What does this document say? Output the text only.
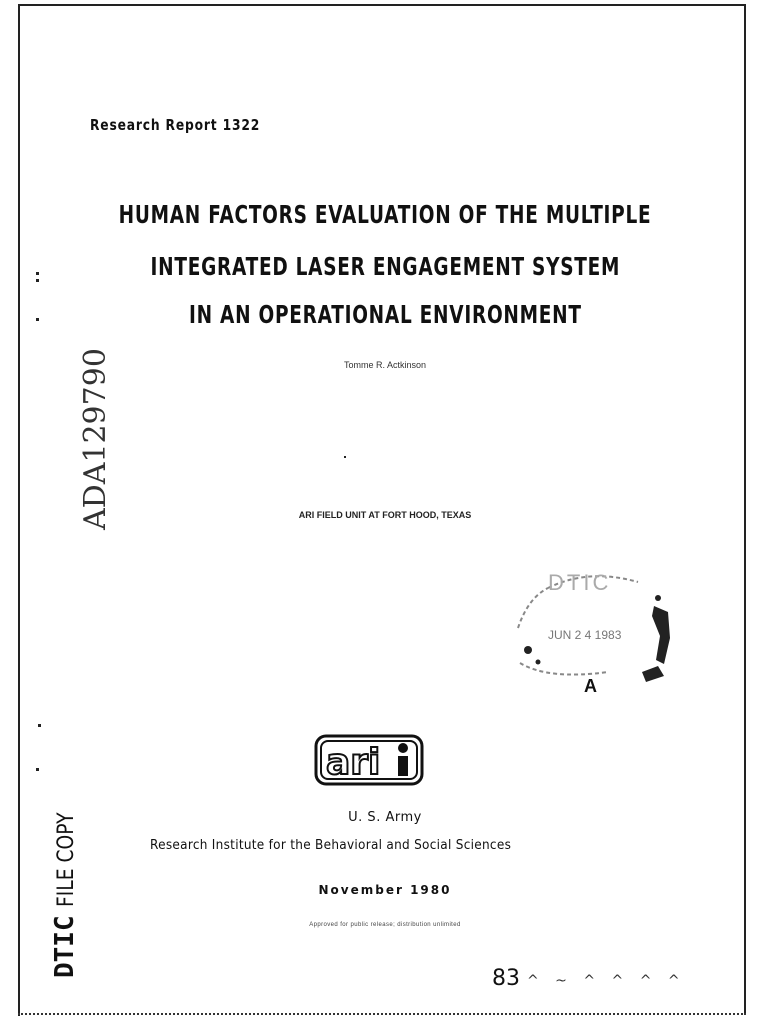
Research Report 1322
HUMAN FACTORS EVALUATION OF THE MULTIPLE
INTEGRATED LASER ENGAGEMENT SYSTEM
IN AN OPERATIONAL ENVIRONMENT
Tomme R. Actkinson
ADA129790	ARI FIELD UNIT AT FORT HOOD, TEXAS
DTIC
JUN 2 4 1983
A
ari
U. S. Army
Research Institute for the Behavioral and Social Sciences
November 1980
Approved for public release; distribution unlimited
DTICFILE COPY
83 ^ ~ ^ ^ ^ ^
